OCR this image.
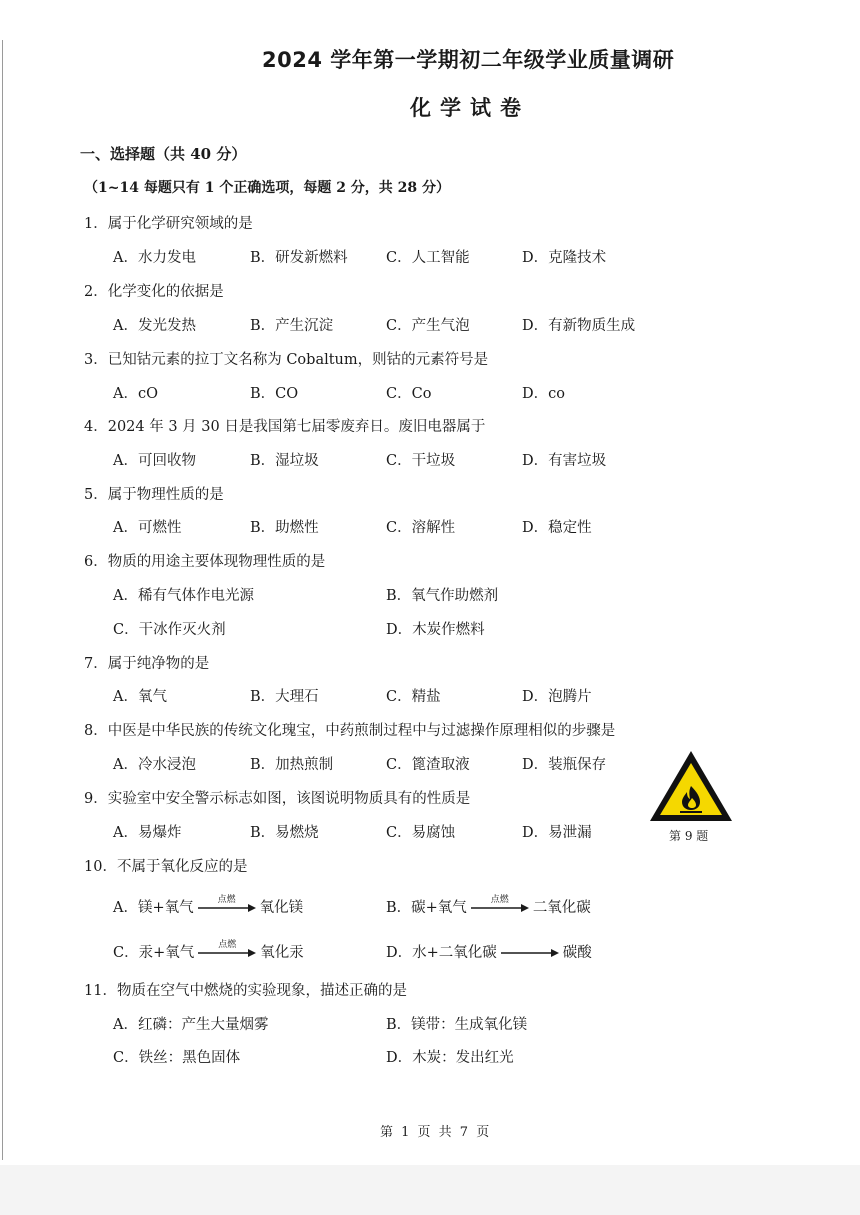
2024 学年第一学期初二年级学业质量调研
化学试卷
一、选择题（共 40 分）
（1~14 每题只有 1 个正确选项，每题 2 分，共 28 分）
1．属于化学研究领域的是
A．水力发电	B．研发新燃料	C．人工智能	D．克隆技术
2．化学变化的依据是
A．发光发热	B．产生沉淀	C．产生气泡	D．有新物质生成
3．已知钴元素的拉丁文名称为 Cobaltum，则钴的元素符号是
A．cO	B．CO	C．Co	D．co
4．2024 年 3 月 30 日是我国第七届零废弃日。废旧电器属于
A．可回收物	B．湿垃圾	C．干垃圾	D．有害垃圾
5．属于物理性质的是
A．可燃性	B．助燃性	C．溶解性	D．稳定性
6．物质的用途主要体现物理性质的是
A．稀有气体作电光源	B．氧气作助燃剂
C．干冰作灭火剂	D．木炭作燃料
7．属于纯净物的是
A．氧气	B．大理石	C．精盐	D．泡腾片
8．中医是中华民族的传统文化瑰宝，中药煎制过程中与过滤操作原理相似的步骤是
A．冷水浸泡	B．加热煎制	C．篦渣取液	D．装瓶保存
9．实验室中安全警示标志如图，该图说明物质具有的性质是
A．易爆炸	B．易燃烧	C．易腐蚀	D．易泄漏	第 9 题
10．不属于氧化反应的是
A．镁+氧气	点燃	氧化镁	B．碳+氧气	点燃	二氧化碳
C．汞+氧气	点燃	氧化汞	D．水+二氧化碳 → 碳酸
11．物质在空气中燃烧的实验现象，描述正确的是
A．红磷：产生大量烟雾	B．镁带：生成氧化镁
C．铁丝：黑色固体	D．木炭：发出红光
第 1 页 共 7 页
